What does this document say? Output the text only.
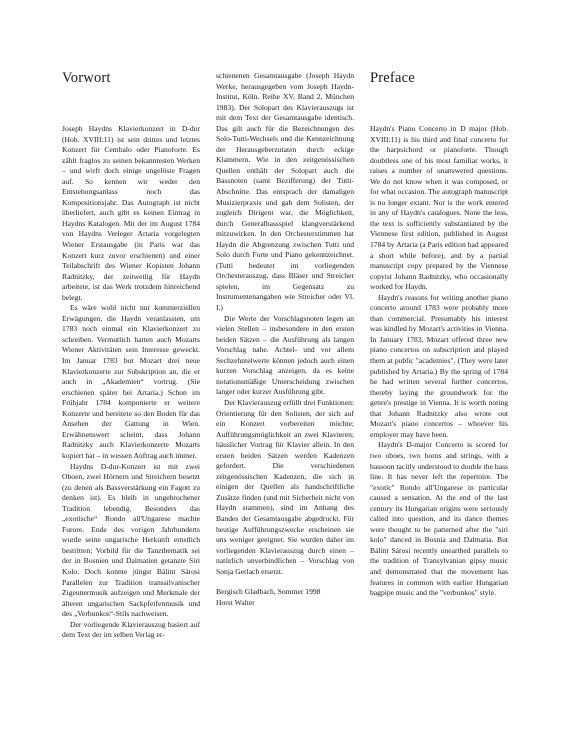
Vorwort

Joseph Haydns Klavierkonzert in D-dur (Hob. XVIII:11) ist sein drittes und letztes Konzert für Cembalo oder Pianoforte. Es zählt fraglos zu seinen bekanntesten Werken – und wirft doch einige ungelöste Fragen auf. So kennen wir weder den Entstehungsanlass noch das Kompositionsjahr. Das Autograph ist nicht überliefert, auch gibt es keinen Eintrag in Haydns Katalogen. Mit der im August 1784 von Haydns Verleger Artaria vorgelegten Wiener Erstausgabe (in Paris war das Konzert kurz zuvor erschienen) und einer Teilabschrift des Wiener Kopisten Johann Radnitzky, der zeitweilig für Haydn arbeitete, ist das Werk trotzdem hinreichend belegt.

Es wäre wohl nicht nur kommerziellen Erwägungen, die Haydn veranlassten, um 1783 noch einmal ein Klavierkonzert zu schreiben. Vermutlich hatten auch Mozarts Wiener Aktivitäten sein Interesse geweckt. Im Januar 1783 bot Mozart drei neue Klavierkonzerte zur Subskription an, die er auch in „Akademien“ vortrug. (Sie erschienen später bei Artaria.) Schon im Frühjahr 1784 komponierte er weitere Konzerte und bereitete so den Boden für das Ansehen der Gattung in Wien. Erwähnenswert scheint, dass Johann Radnitzky auch Klavierkonzerte Mozarts kopiert hat – in wessen Auftrag auch immer.

Haydns D-dur-Konzert ist mit zwei Oboen, zwei Hörnern und Streichern besetzt (zu denen als Bassverstärkung ein Fagott zu denken ist). Es bleib in ungebrochener Tradition lebendig. Besonders das „exotische“ Rondo all'Ungarese machte Furore. Ende des vorigen Jahrhunderts wurde seine ungarische Herkunft ernstlich bestritten; Vorbild für die Tanzthematik sei der in Bosnien und Dalmatien getanzte Siri Kolo. Doch konnte jüngst Bálint Sárosi Parallelen zur Tradition transsilvanischer Zigeunermusik aufzeigen und Merkmale der älteren ungarischen Sackpfeifenmusik und des „Verbunkos“-Stils nachweisen.

Der vorliegende Klavierauszug basiert auf dem Text der im selben Verlag er-

schienenen Gesamtausgabe (Joseph Haydn Werke, herausgegeben vom Joseph Haydn-Institut, Köln. Reihe XV, Band 2, München 1983). Der Solopart des Klavierauszugs ist mit dem Text der Gesamtausgabe identisch. Das gilt auch für die Bezeichnungen des Solo-Tutti-Wechsels und die Kennzeichnung der Herausgeberzutaten durch eckige Klammern. Wie in den zeitgenössischen Quellen enthält der Solopart auch die Bassnoten (samt Bezifferung) der Tutti-Abschnitte. Das entsprach der damaligen Musizierpraxis und gab dem Solisten, der zugleich Dirigent war, die Möglichkeit, durch Generalbassspiel klangverstärkend mitzuwirken. In den Orchesterstimmen hat Haydn die Abgrenzung zwischen Tutti und Solo durch Forte und Piano gekennzeichnet. (Tutti bedeutet im vorliegenden Orchesterauszug, dass Bläser und Streicher spielen, im Gegensatz zu Instrumentenangaben wie Streicher oder Vl. I.)

Die Werte der Vorschlagsnoten legen an vielen Stellen – insbesondere in den ersten beiden Sätzen – die Ausführung als langen Vorschlag nahe. Achtel- und vor allem Sechzehntelwerte können jedoch auch einen kurzen Vorschlag anzeigen, da es keine notationsmäßige Unterscheidung zwischen langer oder kurzer Ausführung gibt.

Der Klavierauszug erfüllt drei Funktionen: Orientierung für den Solisten, der sich auf ein Konzert vorbereiten möchte; Aufführungsmöglichkeit an zwei Klavieren; häuslicher Vortrag für Klavier allein. In den ersten beiden Sätzen werden Kadenzen gefordert. Die verschiedenen zeitgenössischen Kadenzen, die sich in einigen der Quellen als handschriftliche Zusätze finden (und mit Sicherheit nicht von Haydn stammen), sind im Anhang des Bandes der Gesamtausgabe abgedruckt. Für heutige Aufführungszwecke erscheinen sie uns weniger geeignet. Sie wurden daher im vorliegenden Klavierauszug durch einen – natürlich unverbindlichen – Vorschlag von Sonja Gerlach ersetzt.

Bergisch Gladbach, Sommer 1998

Horst Walter

Preface

Haydn's Piano Concerto in D major (Hob. XVIII:11) is his third and final concerto for the harpsichord or pianoforte. Though doubtless one of his most familiar works, it raises a number of unanswered questions. We do not know when it was composed, or for what occasion. The autograph manuscript is no longer extant. Nor is the work entered in any of Haydn's catalogues. None the less, the text is sufficiently substantiated by the Viennese first edition, published in August 1784 by Artaria (a Paris edition had appeared a short while before), and by a partial manuscript copy prepared by the Viennese copyist Johann Radnitzky, who occasionally worked for Haydn.

Haydn's reasons for writing another piano concerto around 1783 were probably more than commercial. Presumably his interest was kindled by Mozart's activities in Vienna. In January 1783, Mozart offered three new piano concertos on subscription and played them at public "academies". (They were later published by Artaria.) By the spring of 1784 he had written several further concertos, thereby laying the groundwork for the genre's prestige in Vienna. It is worth noting that Johann Radnitzky also wrote out Mozart's piano concertos – whoever his employer may have been.

Haydn's D-major Concerto is scored for two oboes, two horns and strings, with a bassoon tacitly understood to double the bass line. It has never left the repertoire. The "exotic" Rondo all'Ungarese in particular caused a sensation. At the end of the last century its Hungarian origins were seriously called into question, and its dance themes were thought to be patterned after the "siri kolo" danced in Bosnia and Dalmatia. But Bálint Sárosi recently unearthed parallels to the tradition of Transylvanian gipsy music and demonstrated that the movement has features in common with earlier Hungarian bagpipe music and the "verbunkos" style.
